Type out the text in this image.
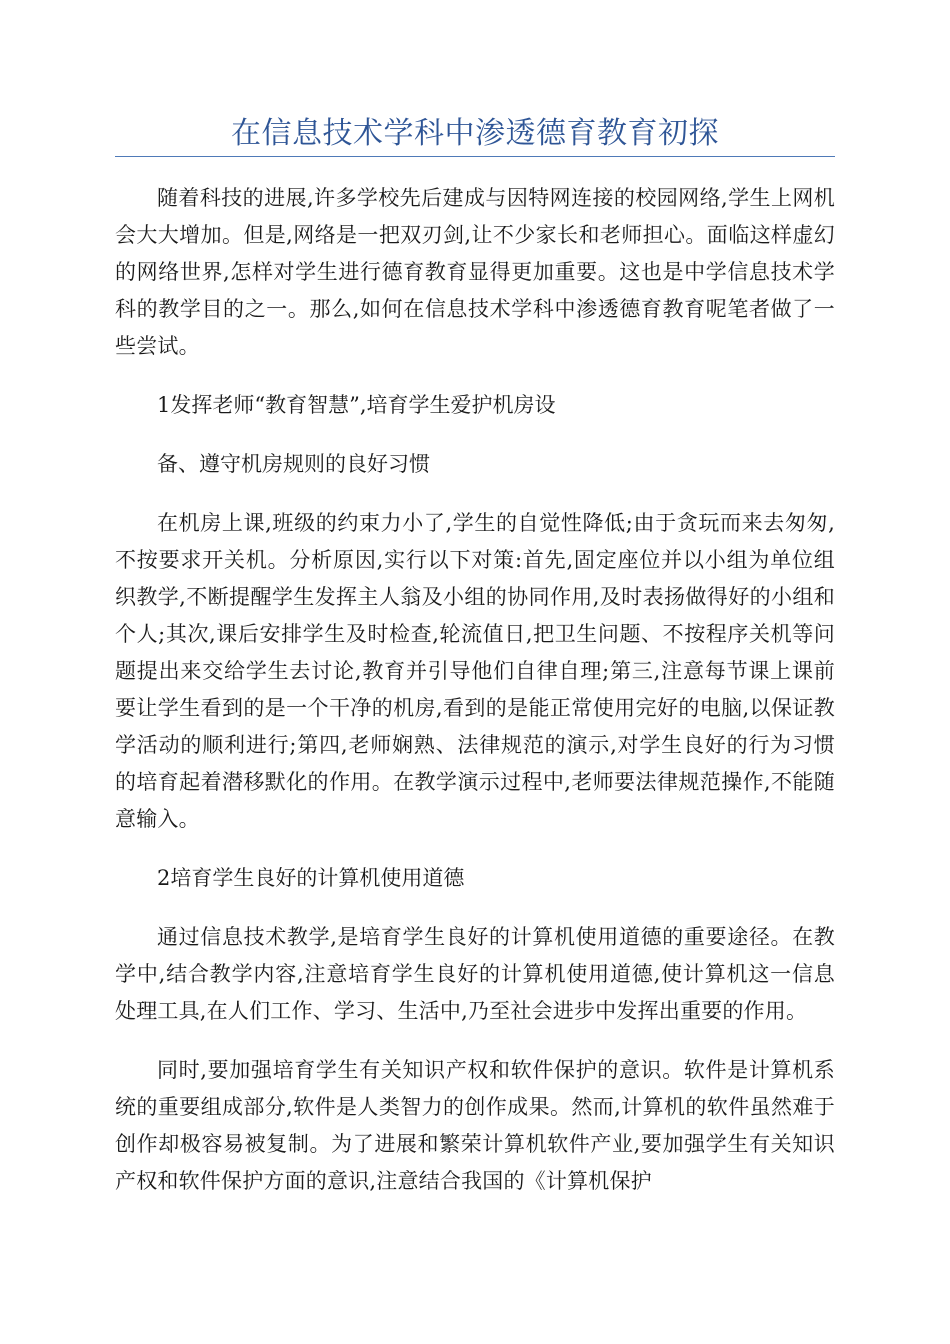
在信息技术学科中渗透德育教育初探

随着科技的进展,许多学校先后建成与因特网连接的校园网络,学生上网机会大大增加。但是,网络是一把双刃剑,让不少家长和老师担心。面临这样虚幻的网络世界,怎样对学生进行德育教育显得更加重要。这也是中学信息技术学科的教学目的之一。那么,如何在信息技术学科中渗透德育教育呢笔者做了一些尝试。

1发挥老师“教育智慧”,培育学生爱护机房设

备、遵守机房规则的良好习惯

在机房上课,班级的约束力小了,学生的自觉性降低;由于贪玩而来去匆匆,不按要求开关机。分析原因,实行以下对策:首先,固定座位并以小组为单位组织教学,不断提醒学生发挥主人翁及小组的协同作用,及时表扬做得好的小组和个人;其次,课后安排学生及时检查,轮流值日,把卫生问题、不按程序关机等问题提出来交给学生去讨论,教育并引导他们自律自理;第三,注意每节课上课前要让学生看到的是一个干净的机房,看到的是能正常使用完好的电脑,以保证教学活动的顺利进行;第四,老师娴熟、法律规范的演示,对学生良好的行为习惯的培育起着潜移默化的作用。在教学演示过程中,老师要法律规范操作,不能随意输入。

2培育学生良好的计算机使用道德

通过信息技术教学,是培育学生良好的计算机使用道德的重要途径。在教学中,结合教学内容,注意培育学生良好的计算机使用道德,使计算机这一信息处理工具,在人们工作、学习、生活中,乃至社会进步中发挥出重要的作用。

同时,要加强培育学生有关知识产权和软件保护的意识。软件是计算机系统的重要组成部分,软件是人类智力的创作成果。然而,计算机的软件虽然难于创作却极容易被复制。为了进展和繁荣计算机软件产业,要加强学生有关知识产权和软件保护方面的意识,注意结合我国的《计算机保护
